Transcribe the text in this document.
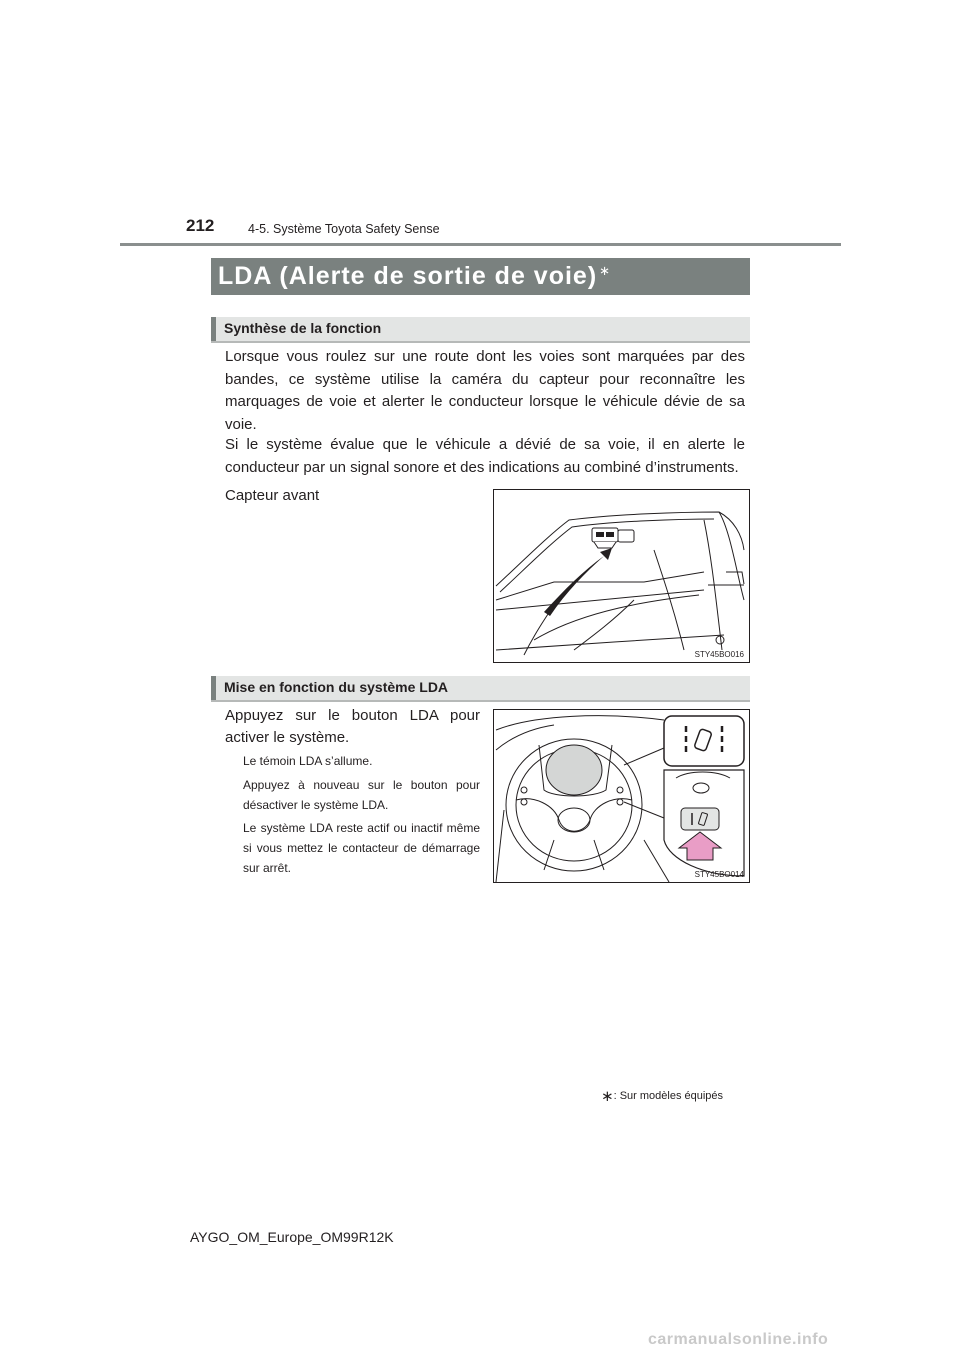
212	4-5. Système Toyota Safety Sense
LDA (Alerte de sortie de voie) ∗
Synthèse de la fonction

Lorsque vous roulez sur une route dont les voies sont marquées par des bandes, ce système utilise la caméra du capteur pour reconnaître les marquages de voie et alerter le conducteur lorsque le véhicule dévie de sa voie.

Si le système évalue que le véhicule a dévié de sa voie, il en alerte le conducteur par un signal sonore et des indications au combiné d’instruments.

Capteur avant

STY45BO016
Mise en fonction du système LDA

Appuyez sur le bouton LDA pour activer le système.

Le témoin LDA s’allume.

Appuyez à nouveau sur le bouton pour désactiver le système LDA.

Le système LDA reste actif ou inactif même si vous mettez le contacteur de démarrage sur arrêt.	STY45BO014
∗: Sur modèles équipés
AYGO_OM_Europe_OM99R12K
carmanualsonline.info
